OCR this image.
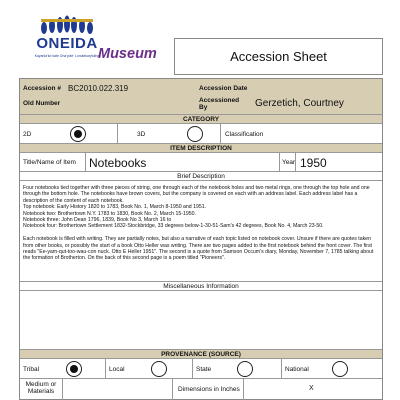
ONEIDA
Kayanla’kó·kate Ona’yote’ Lonutekaŋhútha
Museum	Accession Sheet
Accession # BC2010.022.319	Accession Date
Old Number	Accessioned By	Gerzetich, Courtney
CATEGORY
2D	3D	Classification
ITEM DESCRIPTION
Title/Name of Item Notebooks	Year 1950
Brief Description

Four notebooks tied together with three pieces of string, one through each of the notebook holes and two metal rings, one through the top hole and one through the bottom hole. The notebooks have brown covers, but the company is covered on each with an address label. Each address label has a description of the content of each notebook.
Top notebook: Early History 1820 to 1783, Book No. 1, March 8-1950 and 1951.
Notebook two: Brothertown N.Y. 1783 to 1830, Book No. 2, March 15-1950.
Notebook three: John Dean 1796, 1839, Book No 3, March 16 to
Notebook four: Brothertown Settlement 1832-Stockbridge, 33 degrees below-1-30-51-Sam's 42 degrees, Book No. 4, March 23-50.

Each notebook is filled with writing. They are partially notes, but also a narrative of each topic listed on notebook cover. Unsure if there are quotes taken from other books, or possibly the start of a book Otto Heller was writing. There are two pages added to the first notebook behind the front cover. The first reads "Ee-yam-qut-too-wau-con nuck. Otto E Heller 1951". The second is a quote from Samson Occum's diary, Monday, November 7, 1785 talking about the formation of Brotherton. On the back of this second page is a poem titled "Pioneers".

Miscellaneous Information
PROVENANCE (SOURCE)
Tribal	Local	State	National
Medium or Materials	Dimensions in Inches	X
